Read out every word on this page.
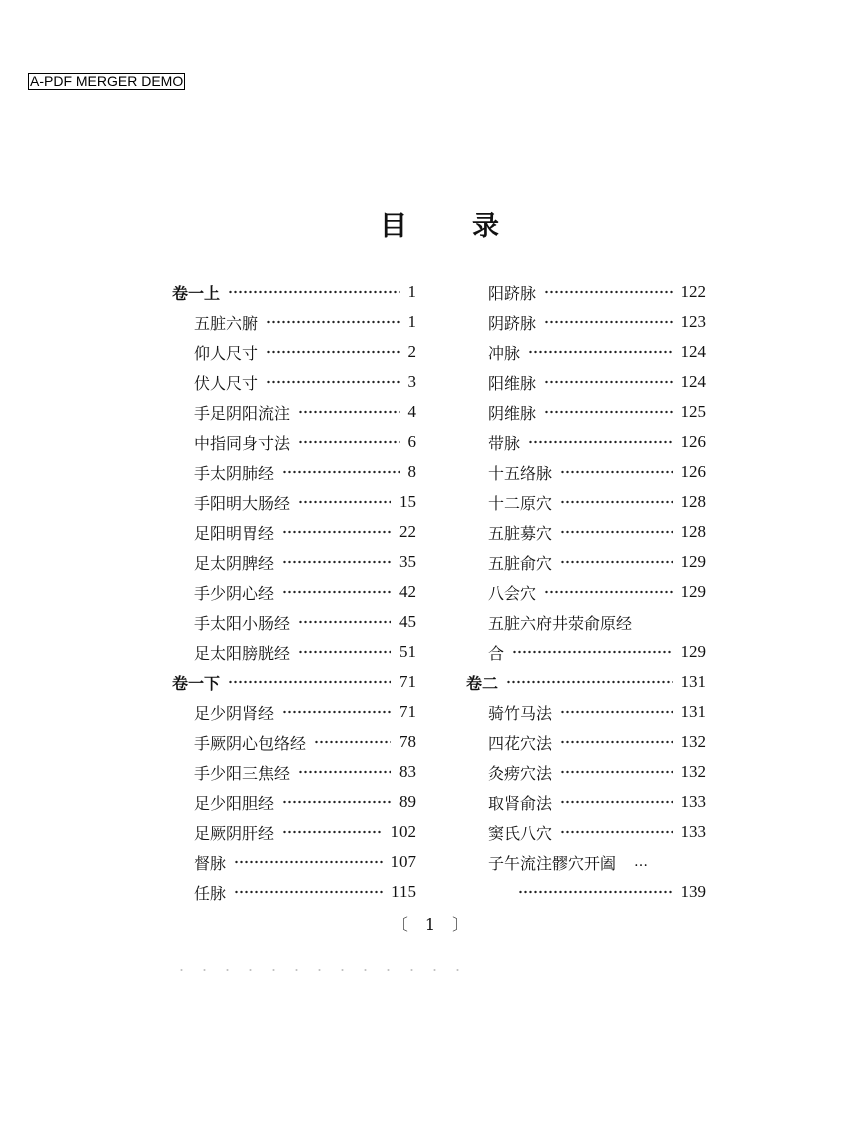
A-PDF MERGER DEMO
目 录
卷一上	1
五脏六腑	1
仰人尺寸	2
伏人尺寸	3
手足阴阳流注	4
中指同身寸法	6
手太阴肺经	8
手阳明大肠经	15
足阳明胃经	22
足太阴脾经	35
手少阴心经	42
手太阳小肠经	45
足太阳膀胱经	51
卷一下	71
足少阴肾经	71
手厥阴心包络经	78
手少阳三焦经	83
足少阳胆经	89
足厥阴肝经	102
督脉	107
任脉	115
阳跻脉	122
阴跻脉	123
冲脉	124
阳维脉	124
阴维脉	125
带脉	126
十五络脉	126
十二原穴	128
五脏募穴	128
五脏俞穴	129
八会穴	129
五脏六府井荥俞原经
合	129
卷二	131
骑竹马法	131
四花穴法	132
灸痨穴法	132
取肾俞法	133
窦氏八穴	133
子午流注髎穴开阖 …
139
〔 1 〕
